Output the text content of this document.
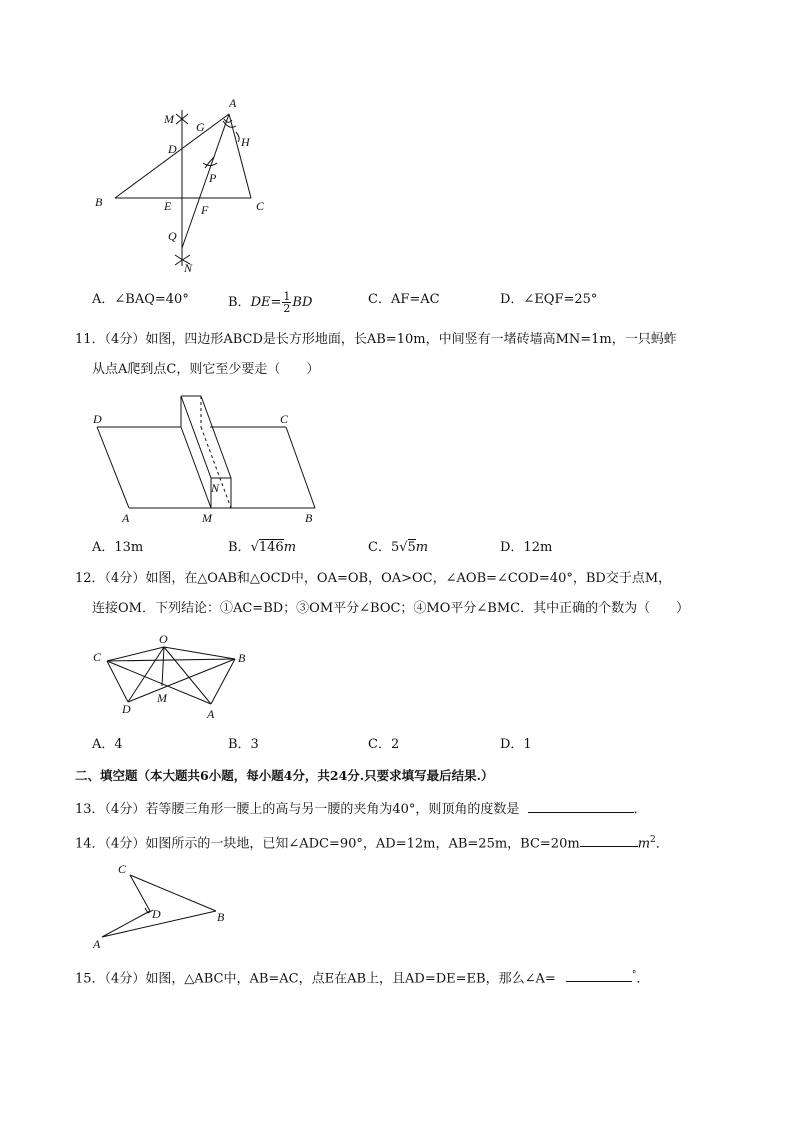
A
M
G
H
D
P
B	E F	C
Q
N
A．∠BAQ=40°	B．$DE= \frac{1}{2}$ BD	C．AF=AC	D．∠EQF=25°
11．（4分）如图，四边形ABCD是长方形地面，长AB=10m，中间竖有一堵砖墙高MN=1m，一只蚂蚱
从点A爬到点C，则它至少要走（　　）
D	C
N
A	M	B
A．13m	B．√146m	C．5√5m	D．12m
12．（4分）如图，在△OAB和△OCD中，OA=OB，OA>OC，∠AOB=∠COD=40°，BD交于点M，
连接OM．下列结论：①AC=BD；③OM平分∠BOC；④MO平分∠BMC．其中正确的个数为（　　）
O
C	B
M
D	A
A．4	B．3	C．2	D．1
二、填空题（本大题共6小题，每小题4分，共24分.只要求填写最后结果.）
13．（4分）若等腰三角形一腰上的高与另一腰的夹角为40°，则顶角的度数是	．
14．（4分）如图所示的一块地，已知∠ADC=90°，AD=12m，AB=25m，BC=20m	$m^2$．
C
D	B
A
15．（4分）如图，△ABC中，AB=AC，点E在AB上，且AD=DE=EB，那么∠A=	°．
